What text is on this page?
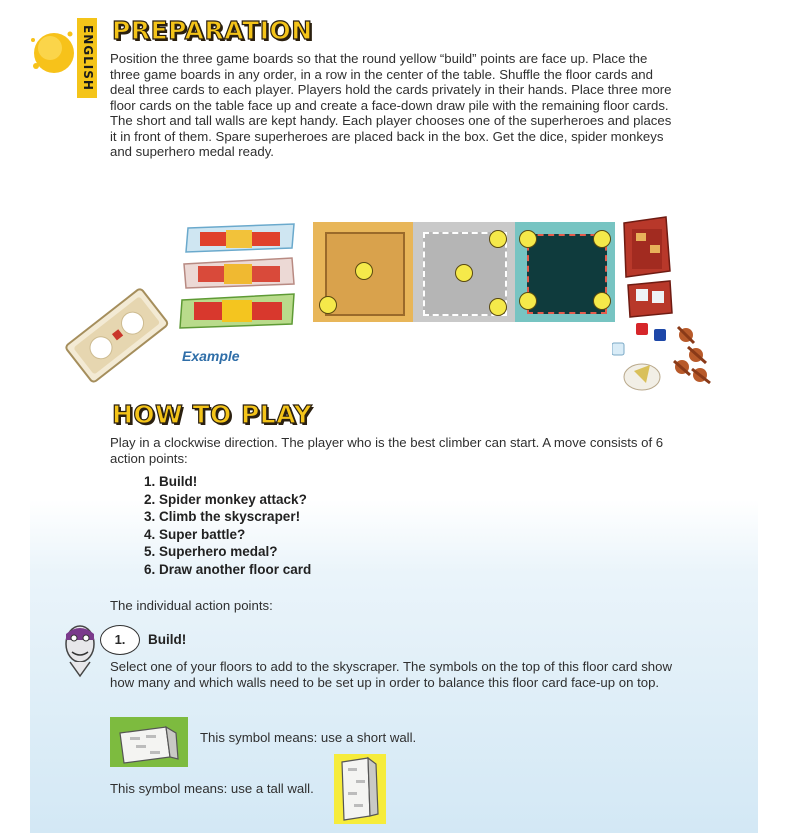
ENGLISH PREPARATION
Position the three game boards so that the round yellow “build” points are face up. Place the three game boards in any order, in a row in the center of the table. Shuffle the floor cards and deal three cards to each player. Players hold the cards privately in their hands. Place three more floor cards on the table face up and create a face-down draw pile with the remaining floor cards. The short and tall walls are kept handy. Each player chooses one of the superheroes and places it in front of them. Spare superheroes are placed back in the box. Get the dice, spider monkeys and superhero medal ready.
Example
HOW TO PLAY
Play in a clockwise direction. The player who is the best climber can start. A move consists of 6 action points:
1. Build!
2. Spider monkey attack?
3. Climb the skyscraper!
4. Super battle?
5. Superhero medal?
6. Draw another floor card
The individual action points:
1.	Build!
Select one of your floors to add to the skyscraper. The symbols on the top of this floor card show how many and which walls need to be set up in order to balance this floor card face-up on top.
This symbol means: use a short wall.
This symbol means: use a tall wall.
